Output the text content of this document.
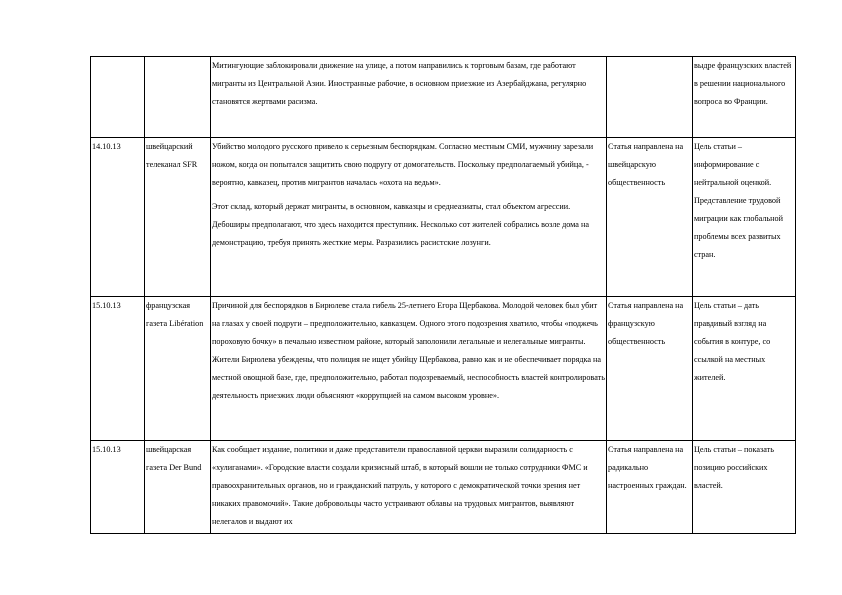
		Митингующие заблокировали движение на улице, а потом направились к торговым базам, где работают мигранты из Центральной Азии. Иностранные рабочие, в основном приезжие из Азербайджана, регулярно становятся жертвами расизма.		выдре французских властей в решении национального вопроса во Франции.
14.10.13	швейцарский телеканал SFR	Убийство молодого русского привело к серьезным беспорядкам. Согласно местным СМИ, мужчину зарезали ножом, когда он попытался защитить свою подругу от домогательств. Поскольку предполагаемый убийца, - вероятно, кавказец, против мигрантов началась «охота на ведьм».

Этот склад, который держат мигранты, в основном, кавказцы и среднеазиаты, стал объектом агрессии. Дебоширы предполагают, что здесь находится преступник. Несколько сот жителей собрались возле дома на демонстрацию, требуя принять жесткие меры. Разразились расистские лозунги.	Статья направлена на швейцарскую общественность	Цель статьи – информирование с нейтральной оценкой. Представление трудовой миграции как глобальной проблемы всех развитых стран.
15.10.13	французская газета Libération	Причиной для беспорядков в Бирюлеве стала гибель 25-летнего Егора Щербакова. Молодой человек был убит на глазах у своей подруги – предположительно, кавказцем. Одного этого подозрения хватило, чтобы «поджечь пороховую бочку» в печально известном районе, который заполонили легальные и нелегальные мигранты. Жители Бирюлева убеждены, что полиция не ищет убийцу Щербакова, равно как и не обеспечивает порядка на местной овощной базе, где, предположительно, работал подозреваемый, неспособность властей контролировать деятельность приезжих люди объясняют «коррупцией на самом высоком уровне».	Статья направлена на французскую общественность	Цель статьи – дать правдивый взгляд на события в контуре, со ссылкой на местных жителей.
15.10.13	швейцарская газета Der Bund	Как сообщает издание, политики и даже представители православной церкви выразили солидарность с «хулиганами». «Городские власти создали кризисный штаб, в который вошли не только сотрудники ФМС и правоохранительных органов, но и гражданский патруль, у которого с демократической точки зрения нет никаких правомочий». Такие добровольцы часто устраивают облавы на трудовых мигрантов, выявляют нелегалов и выдают их	Статья направлена на радикально настроенных граждан.	Цель статьи – показать позицию российских властей.
